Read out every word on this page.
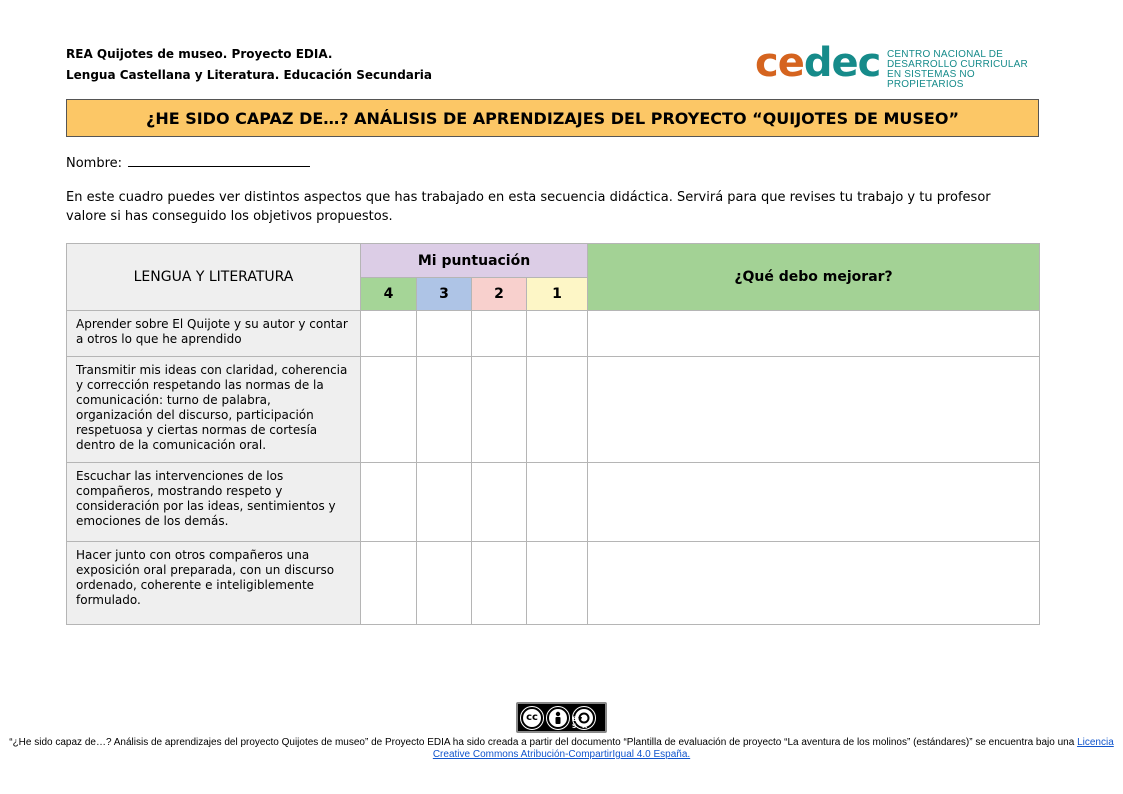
REA Quijotes de museo. Proyecto EDIA.
Lengua Castellana y Literatura. Educación Secundaria	cedec CENTRO NACIONAL DE
DESARROLLO CURRICULAR
EN SISTEMAS NO PROPIETARIOS
¿HE SIDO CAPAZ DE…? ANÁLISIS DE APRENDIZAJES DEL PROYECTO “QUIJOTES DE MUSEO”
Nombre:
En este cuadro puedes ver distintos aspectos que has trabajado en esta secuencia didáctica. Servirá para que revises tu trabajo y tu profesor valore si has conseguido los objetivos propuestos.
LENGUA Y LITERATURA	Mi puntuación				¿Qué debo mejorar?
	4	3	2	1	
Aprender sobre El Quijote y su autor y contar a otros lo que he aprendido					
Transmitir mis ideas con claridad, coherencia y corrección respetando las normas de la comunicación: turno de palabra, organización del discurso, participación respetuosa y ciertas normas de cortesía dentro de la comunicación oral.					
Escuchar las intervenciones de los compañeros, mostrando respeto y consideración por las ideas, sentimientos y emociones de los demás.					
Hacer junto con otros compañeros una exposición oral preparada, con un discurso ordenado, coherente e inteligiblemente formulado.					
cc	BY SA
“¿He sido capaz de…? Análisis de aprendizajes del proyecto Quijotes de museo” de Proyecto EDIA ha sido creada a partir del documento “Plantilla de evaluación de proyecto “La aventura de los molinos” (estándares)” se encuentra bajo una Licencia Creative Commons Atribución-CompartirIgual 4.0 España.
